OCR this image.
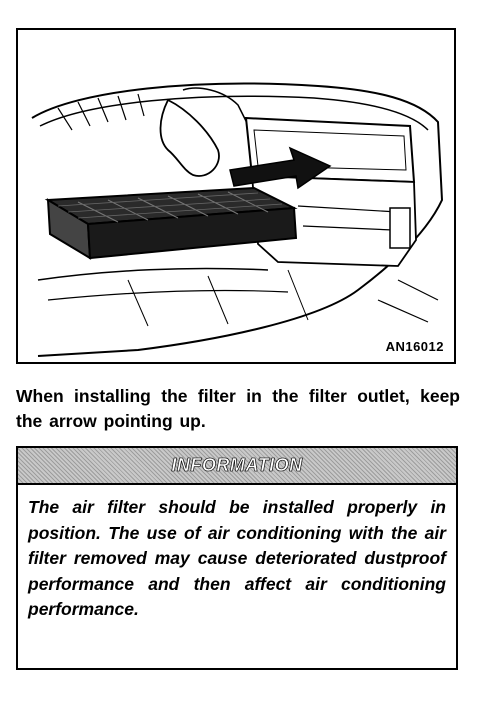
AN16012

When installing the filter in the filter outlet, keep the arrow pointing up.

INFORMATION

The air filter should be installed properly in position. The use of air conditioning with the air filter removed may cause deteriorated dustproof performance and then affect air conditioning performance.
